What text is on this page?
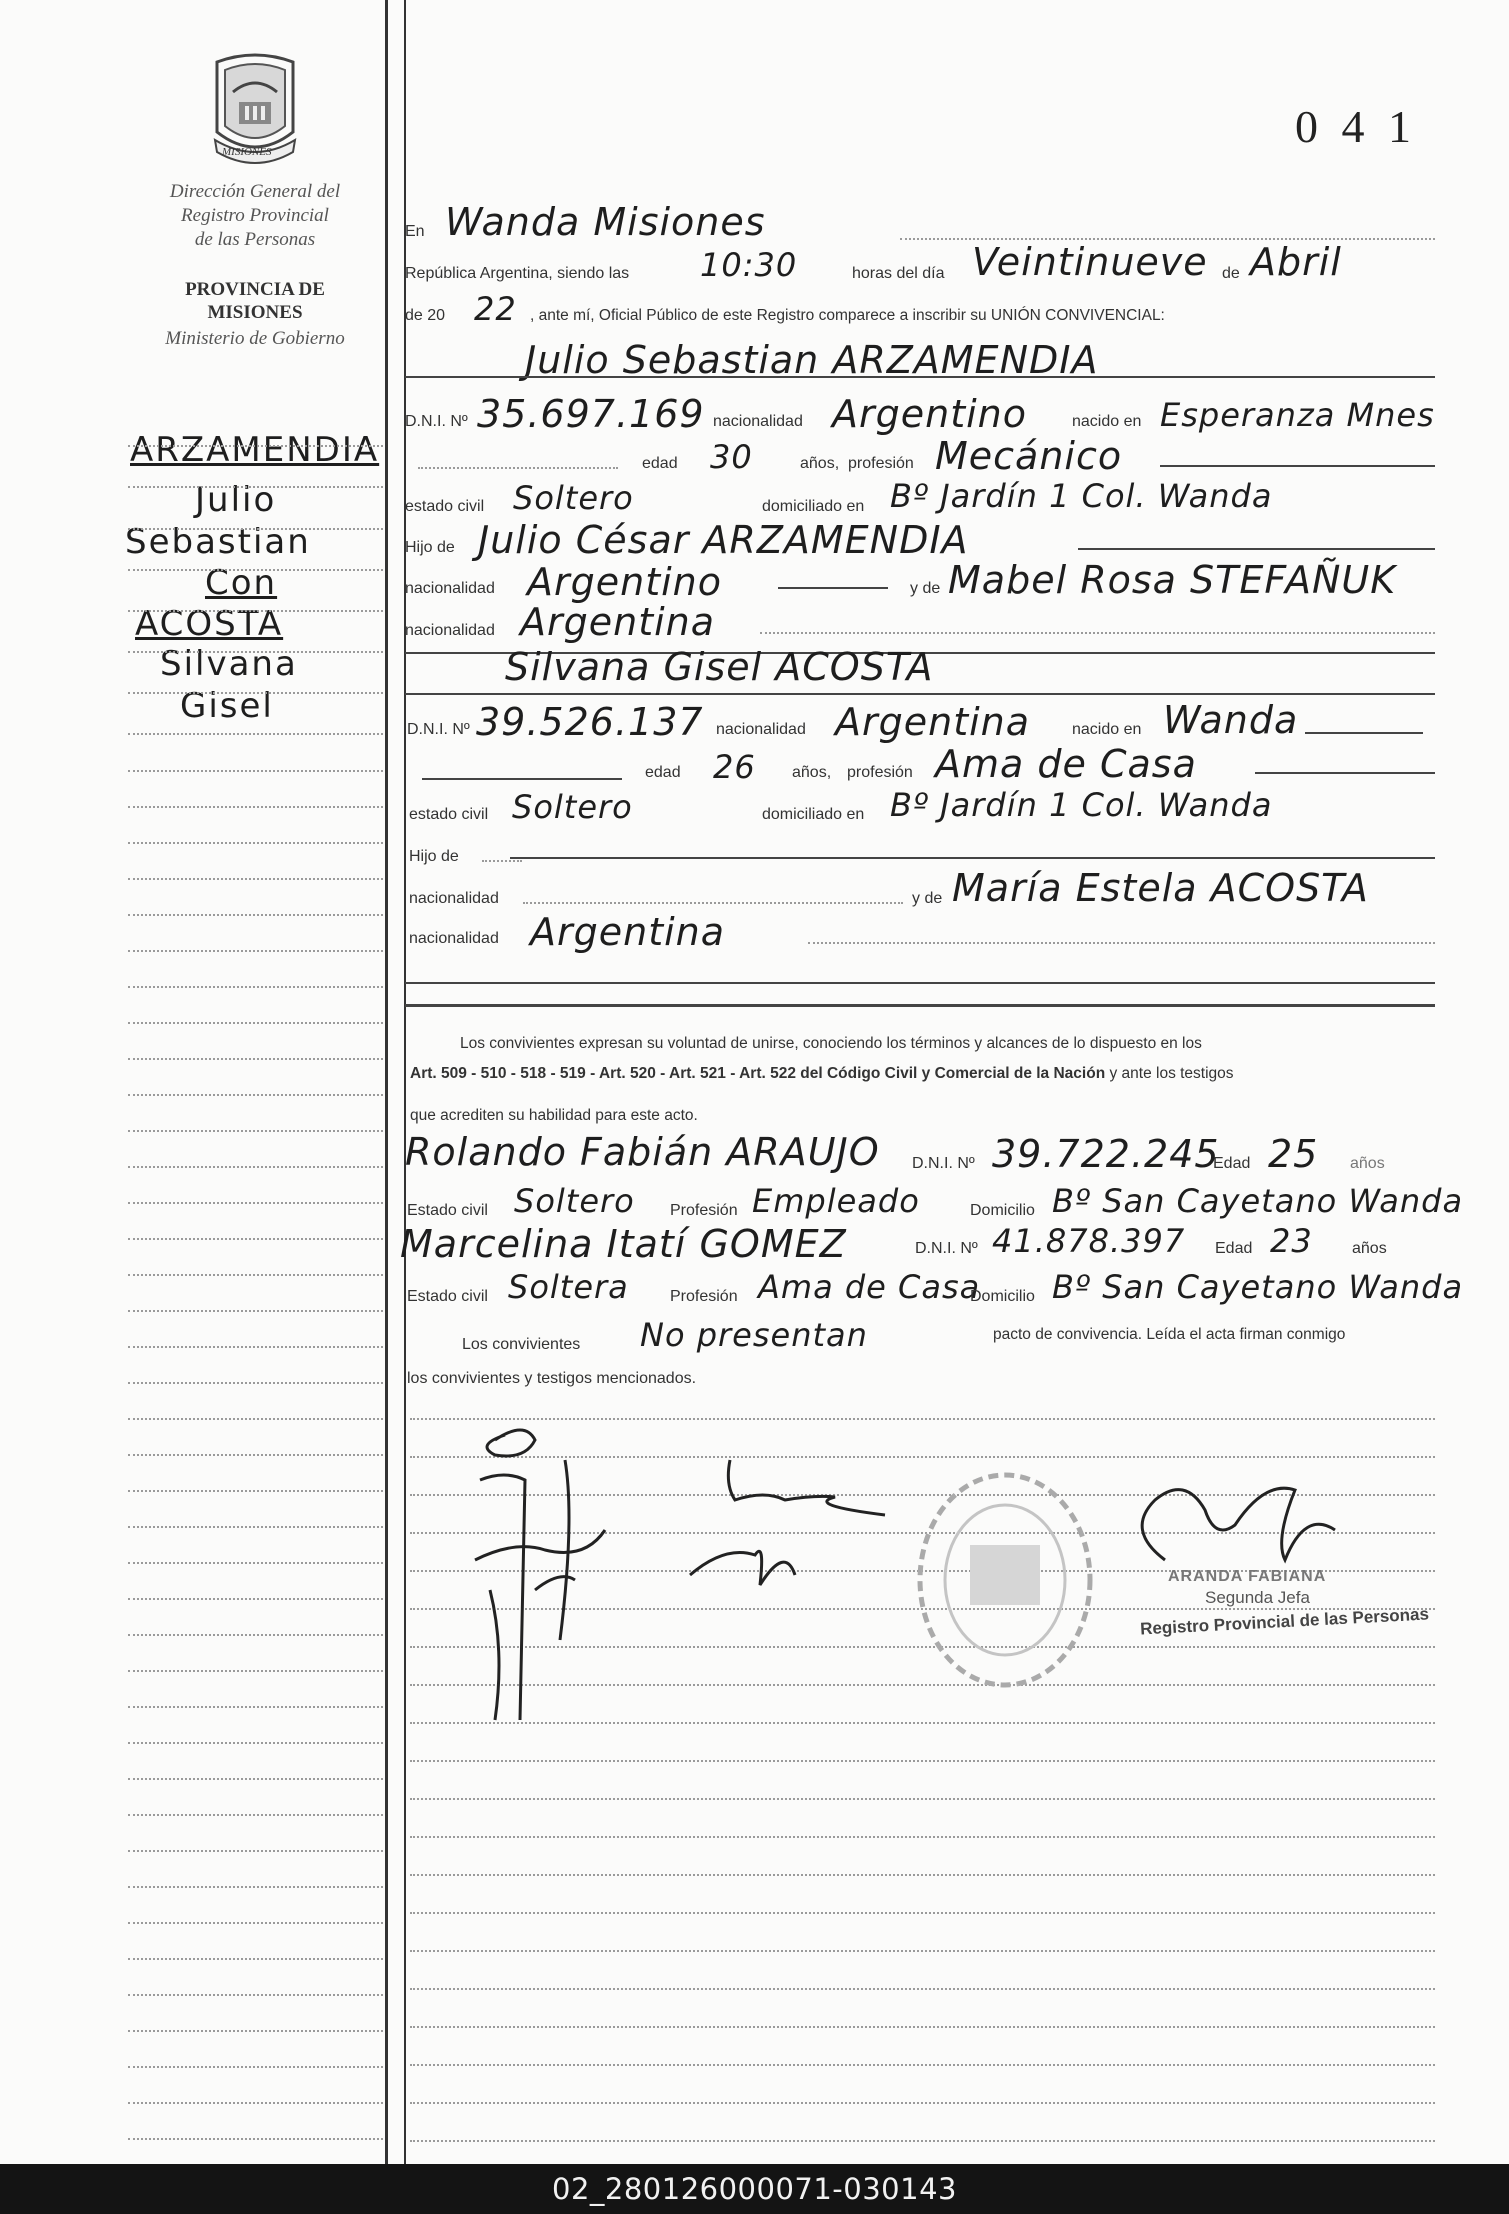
0 4 1
MISIONES
Dirección General del
Registro Provincial
de las Personas
PROVINCIA DE
MISIONES
Ministerio de Gobierno
ARZAMENDIA
Julio
Sebastian
Con
ACOSTA
Silvana
Gisel
En Wanda Misiones
República Argentina, siendo las 10:30	horas del día Veintinueve de Abril
de 20 22 , ante mí, Oficial Público de este Registro comparece a inscribir su UNIÓN CONVIVENCIAL:
Julio Sebastian ARZAMENDIA
D.N.I. Nº 35.697.169 nacionalidad Argentino	nacido en Esperanza Mnes
edad 30	años, profesión Mecánico
estado civil Soltero	domiciliado en Bº Jardín 1 Col. Wanda
Hijo de Julio César ARZAMENDIA
nacionalidad Argentino	y de Mabel Rosa STEFAÑUK
nacionalidad Argentina
Silvana Gisel ACOSTA
D.N.I. Nº 39.526.137 nacionalidad Argentina	nacido en Wanda
edad 26 años, profesión Ama de Casa
estado civil Soltero	domiciliado en Bº Jardín 1 Col. Wanda
Hijo de
nacionalidad	y de María Estela ACOSTA
nacionalidad Argentina
Los convivientes expresan su voluntad de unirse, conociendo los términos y alcances de lo dispuesto en los
Art. 509 - 510 - 518 - 519 - Art. 520 - Art. 521 - Art. 522 del Código Civil y Comercial de la Nación y ante los testigos
que acrediten su habilidad para este acto.
Rolando Fabián ARAUJO D.N.I. Nº 39.722.245
Edad 25 años
Estado civil Soltero Profesión Empleado	Domicilio Bº San Cayetano Wanda
Marcelina Itatí GOMEZ	D.N.I. Nº 41.878.397 Edad 23 años
Estado civil Soltera	Profesión Ama de Casa
Domicilio Bº San Cayetano Wanda
Los convivientes No presentan	pacto de convivencia. Leída el acta firman conmigo
los convivientes y testigos mencionados.
ARANDA FABIANA
Segunda Jefa
Registro Provincial de las Personas
02_280126000071-030143
